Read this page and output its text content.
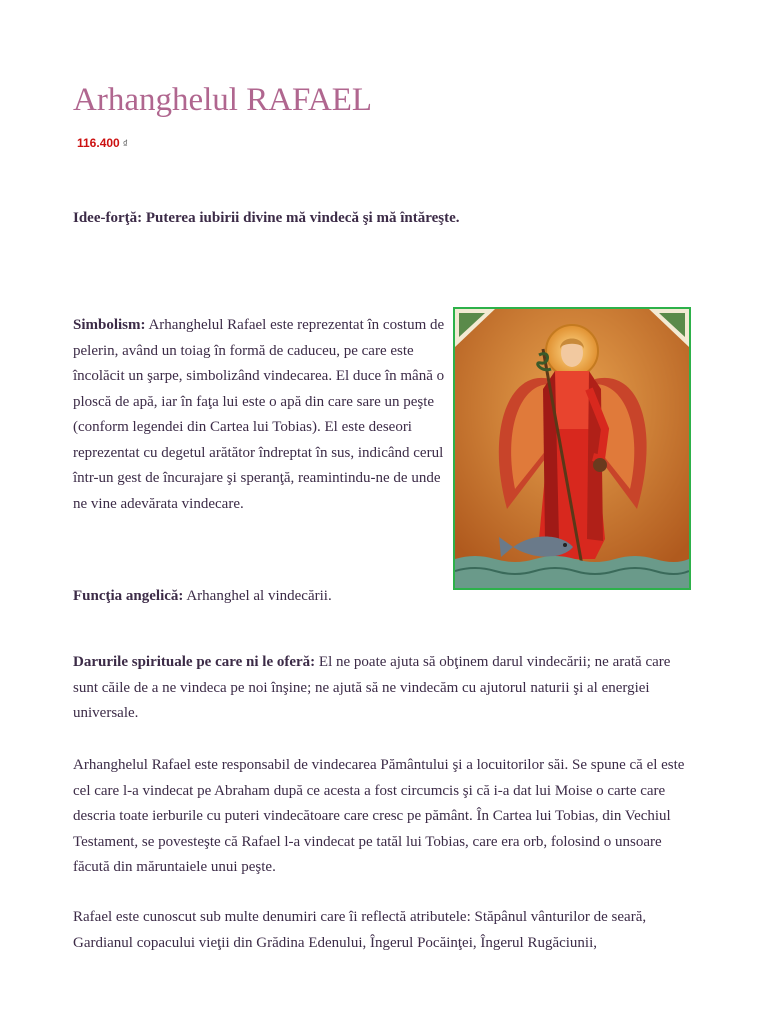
Arhanghelul RAFAEL
116.400 ₫

Idee-forţă: Puterea iubirii divine mă vindecă şi mă întăreşte.

Simbolism: Arhanghelul Rafael este reprezentat în costum de pelerin, având un toiag în formă de caduceu, pe care este încolăcit un şarpe, simbolizând vindecarea. El duce în mână o ploscă de apă, iar în faţa lui este o apă din care sare un peşte (conform legendei din Cartea lui Tobias). El este deseori reprezentat cu degetul arătător îndreptat în sus, indicând cerul într-un gest de încurajare şi speranţă, reamintindu-ne de unde ne vine adevărata vindecare.

Funcţia angelică: Arhanghel al vindecării.

Darurile spirituale pe care ni le oferă: El ne poate ajuta să obţinem darul vindecării; ne arată care sunt căile de a ne vindeca pe noi înşine; ne ajută să ne vindecăm cu ajutorul naturii şi al energiei universale.

Arhanghelul Rafael este responsabil de vindecarea Pământului şi a locuitorilor săi. Se spune că el este cel care l-a vindecat pe Abraham după ce acesta a fost circumcis şi că i-a dat lui Moise o carte care descria toate ierburile cu puteri vindecătoare care cresc pe pământ. În Cartea lui Tobias, din Vechiul Testament, se povesteşte că Rafael l-a vindecat pe tatăl lui Tobias, care era orb, folosind o unsoare făcută din măruntaiele unui peşte.

Rafael este cunoscut sub multe denumiri care îi reflectă atributele: Stăpânul vânturilor de seară, Gardianul copacului vieţii din Grădina Edenului, Îngerul Pocăinţei, Îngerul Rugăciunii,
